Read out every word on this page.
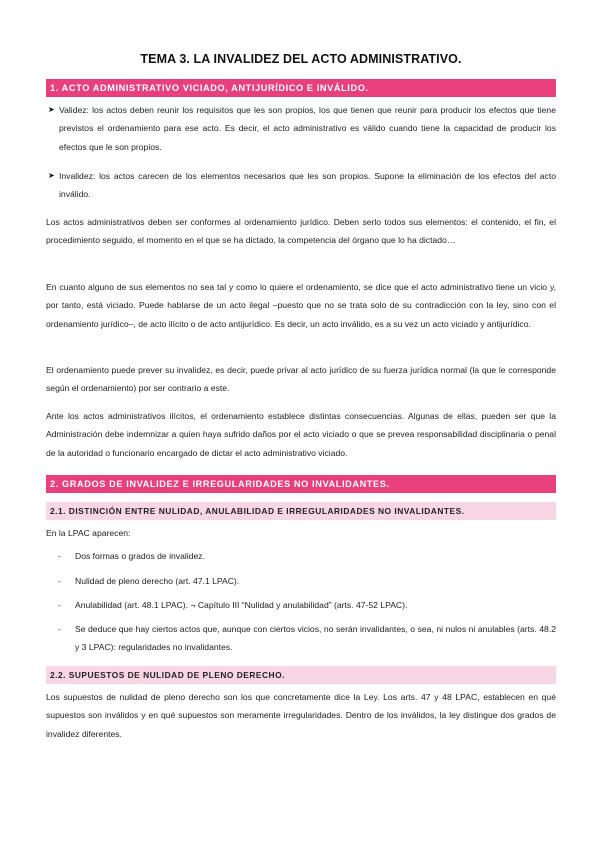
TEMA 3. LA INVALIDEZ DEL ACTO ADMINISTRATIVO.
1. ACTO ADMINISTRATIVO VICIADO, ANTIJURÍDICO E INVÁLIDO.
➤ Validez: los actos deben reunir los requisitos que les son propios, los que tienen que reunir para producir los efectos que tiene previstos el ordenamiento para ese acto. Es decir, el acto administrativo es válido cuando tiene la capacidad de producir los efectos que le son propios.

➤ Invalidez: los actos carecen de los elementos necesarios que les son propios. Supone la eliminación de los efectos del acto inválido.

Los actos administrativos deben ser conformes al ordenamiento jurídico. Deben serlo todos sus elementos: el contenido, el fin, el procedimiento seguido, el momento en el que se ha dictado, la competencia del órgano que lo ha dictado…

En cuanto alguno de sus elementos no sea tal y como lo quiere el ordenamiento, se dice que el acto administrativo tiene un vicio y, por tanto, está viciado. Puede hablarse de un acto ilegal –puesto que no se trata solo de su contradicción con la ley, sino con el ordenamiento jurídico–, de acto ilícito o de acto antijurídico. Es decir, un acto inválido, es a su vez un acto viciado y antijurídico.

El ordenamiento puede prever su invalidez, es decir, puede privar al acto jurídico de su fuerza jurídica normal (la que le corresponde según el ordenamiento) por ser contrario a este.

Ante los actos administrativos ilícitos, el ordenamiento establece distintas consecuencias. Algunas de ellas, pueden ser que la Administración debe indemnizar a quien haya sufrido daños por el acto viciado o que se prevea responsabilidad disciplinaria o penal de la autoridad o funcionario encargado de dictar el acto administrativo viciado.

2. GRADOS DE INVALIDEZ E IRREGULARIDADES NO INVALIDANTES.
2.1. DISTINCIÓN ENTRE NULIDAD, ANULABILIDAD E IRREGULARIDADES NO INVALIDANTES.

En la LPAC aparecen:

- Dos formas o grados de invalidez.

- Nulidad de pleno derecho (art. 47.1 LPAC).

- Anulabilidad (art. 48.1 LPAC). ¬ Capítulo III “Nulidad y anulabilidad” (arts. 47-52 LPAC).

- Se deduce que hay ciertos actos que, aunque con ciertos vicios, no serán invalidantes, o sea, ni nulos ni anulables (arts. 48.2 y 3 LPAC): regularidades no invalidantes.

2.2. SUPUESTOS DE NULIDAD DE PLENO DERECHO.

Los supuestos de nulidad de pleno derecho son los que concretamente dice la Ley. Los arts. 47 y 48 LPAC, establecen en qué supuestos son inválidos y en qué supuestos son meramente irregularidades. Dentro de los inválidos, la ley distingue dos grados de invalidez diferentes.
